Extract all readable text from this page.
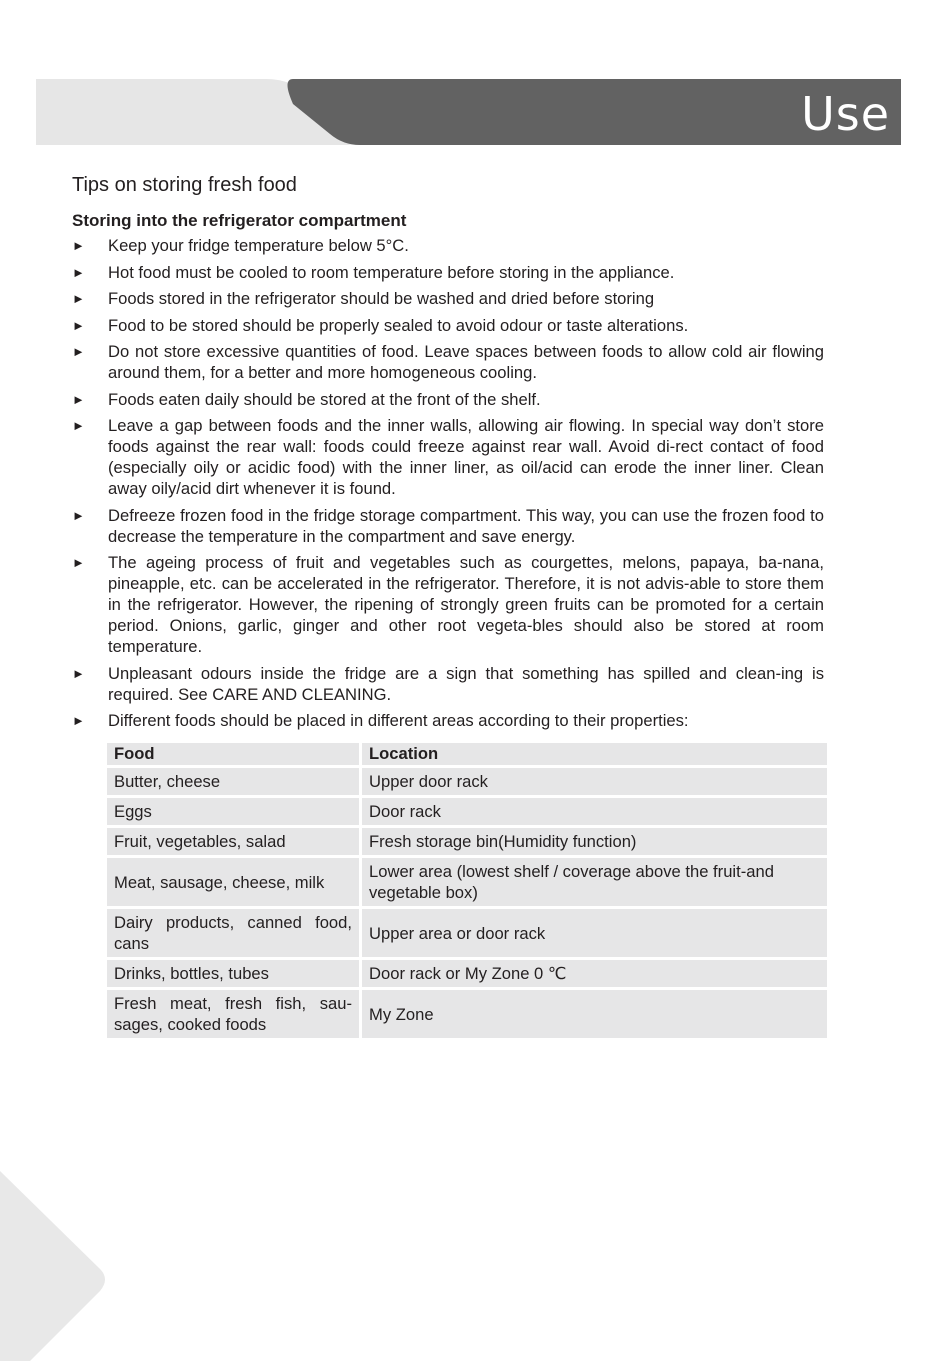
Use
Tips on storing fresh food
Storing into the refrigerator compartment
► Keep your fridge temperature below 5°C.
► Hot food must be cooled to room temperature before storing in the appliance.
► Foods stored in the refrigerator should be washed and dried before storing
► Food to be stored should be properly sealed to avoid odour or taste alterations.
► Do not store excessive quantities of food. Leave spaces between foods to allow cold air flowing around them, for a better and more homogeneous cooling.
► Foods eaten daily should be stored at the front of the shelf.
► Leave a gap between foods and the inner walls, allowing air flowing. In special way don’t store foods against the rear wall: foods could freeze against rear wall. Avoid di-rect contact of food (especially oily or acidic food) with the inner liner, as oil/acid can erode the inner liner. Clean away oily/acid dirt whenever it is found.
► Defreeze frozen food in the fridge storage compartment. This way, you can use the frozen food to decrease the temperature in the compartment and save energy.
► The ageing process of fruit and vegetables such as courgettes, melons, papaya, ba-nana, pineapple, etc. can be accelerated in the refrigerator. Therefore, it is not advis-able to store them in the refrigerator. However, the ripening of strongly green fruits can be promoted for a certain period. Onions, garlic, ginger and other root vegeta-bles should also be stored at room temperature.
► Unpleasant odours inside the fridge are a sign that something has spilled and clean-ing is required. See CARE AND CLEANING.
► Different foods should be placed in different areas according to their properties:
Food	Location
Butter, cheese	Upper door rack
Eggs	Door rack
Fruit, vegetables, salad	Fresh storage bin(Humidity function)
Meat, sausage, cheese, milk	Lower area (lowest shelf / coverage above the fruit-and vegetable box)
Dairy products, canned food, cans	Upper area or door rack
Drinks, bottles, tubes	Door rack or My Zone 0 ℃
Fresh meat, fresh fish, sau-sages, cooked foods	My Zone
